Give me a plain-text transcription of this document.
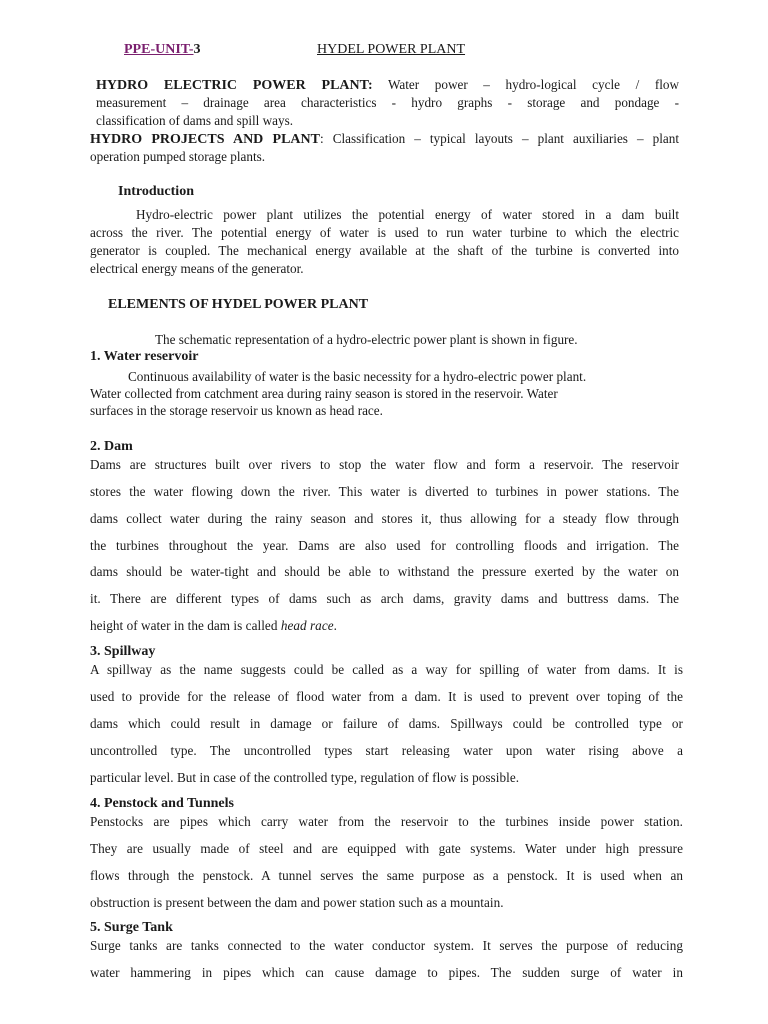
PPE-UNIT-3	HYDEL POWER PLANT
HYDRO ELECTRIC POWER PLANT: Water power – hydro-logical cycle / flow
measurement – drainage area characteristics - hydro graphs - storage and pondage -
classification of dams and spill ways.
HYDRO PROJECTS AND PLANT: Classification – typical layouts – plant auxiliaries – plant
operation pumped storage plants.
Introduction
Hydro-electric power plant utilizes the potential energy of water stored in a dam built
across the river. The potential energy of water is used to run water turbine to which the electric
generator is coupled. The mechanical energy available at the shaft of the turbine is converted into
electrical energy means of the generator.
ELEMENTS OF HYDEL POWER PLANT
The schematic representation of a hydro-electric power plant is shown in figure.
1. Water reservoir
Continuous availability of water is the basic necessity for a hydro-electric power plant.
Water collected from catchment area during rainy season is stored in the reservoir. Water
surfaces in the storage reservoir us known as head race.
2. Dam
Dams are structures built over rivers to stop the water flow and form a reservoir. The reservoir
stores the water flowing down the river. This water is diverted to turbines in power stations. The
dams collect water during the rainy season and stores it, thus allowing for a steady flow through
the turbines throughout the year. Dams are also used for controlling floods and irrigation. The
dams should be water-tight and should be able to withstand the pressure exerted by the water on
it. There are different types of dams such as arch dams, gravity dams and buttress dams. The
height of water in the dam is called head race.
3. Spillway
A spillway as the name suggests could be called as a way for spilling of water from dams. It is
used to provide for the release of flood water from a dam. It is used to prevent over toping of the
dams which could result in damage or failure of dams. Spillways could be controlled type or
uncontrolled type. The uncontrolled types start releasing water upon water rising above a
particular level. But in case of the controlled type, regulation of flow is possible.
4. Penstock and Tunnels
Penstocks are pipes which carry water from the reservoir to the turbines inside power station.
They are usually made of steel and are equipped with gate systems. Water under high pressure
flows through the penstock. A tunnel serves the same purpose as a penstock. It is used when an
obstruction is present between the dam and power station such as a mountain.
5. Surge Tank
Surge tanks are tanks connected to the water conductor system. It serves the purpose of reducing
water hammering in pipes which can cause damage to pipes. The sudden surge of water in
